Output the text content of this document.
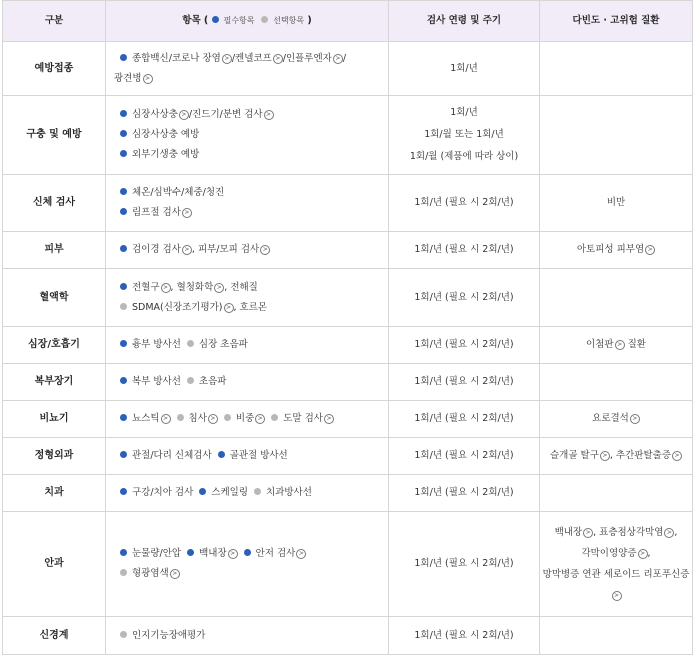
구분	항목 ( 필수항목 선택항목 )	검사 연령 및 주기	다빈도 · 고위험 질환
예방접종	종합백신/코로나 장염 > /켄넬코프 > /인플루엔자 > /
광견병 >	1회/년	

구충 및 예방	심장사상충 > /진드기/분변 검사 >
심장사상충 예방
외부기생충 예방	1회/년
1회/월 또는 1회/년
1회/월 (제품에 따라 상이)	

신체 검사	체온/심박수/체중/청진
림프절 검사 >	1회/년 (필요 시 2회/년)	비만
피부	검이경 검사 > , 피부/모피 검사 >	1회/년 (필요 시 2회/년)	아토피성 피부염 >
혈액학	전혈구 > , 혈청화학 > , 전해질
SDMA(신장조기평가) > , 호르몬	1회/년 (필요 시 2회/년)	

심장/호흡기	흉부 방사선 심장 초음파	1회/년 (필요 시 2회/년)	이첨판 > 질환
복부장기	복부 방사선 초음파	1회/년 (필요 시 2회/년)	

비뇨기	뇨스틱 > 침사 > 비중 > 도말 검사 >	1회/년 (필요 시 2회/년)	요로결석 >
정형외과	관절/다리 신체검사 골관절 방사선	1회/년 (필요 시 2회/년)	슬개골 탈구 > , 추간판탈출증 >
치과	구강/치아 검사 스케일링 치과방사선	1회/년 (필요 시 2회/년)	

안과	눈물량/안압 백내장 > 안저 검사 >
형광염색 >	1회/년 (필요 시 2회/년)	백내장 > , 표층점상각막염 > ,
각막이영양증 > ,
망막병증 연관 세로이드 리포푸신증
>

신경계	인지기능장애평가	1회/년 (필요 시 2회/년)	
